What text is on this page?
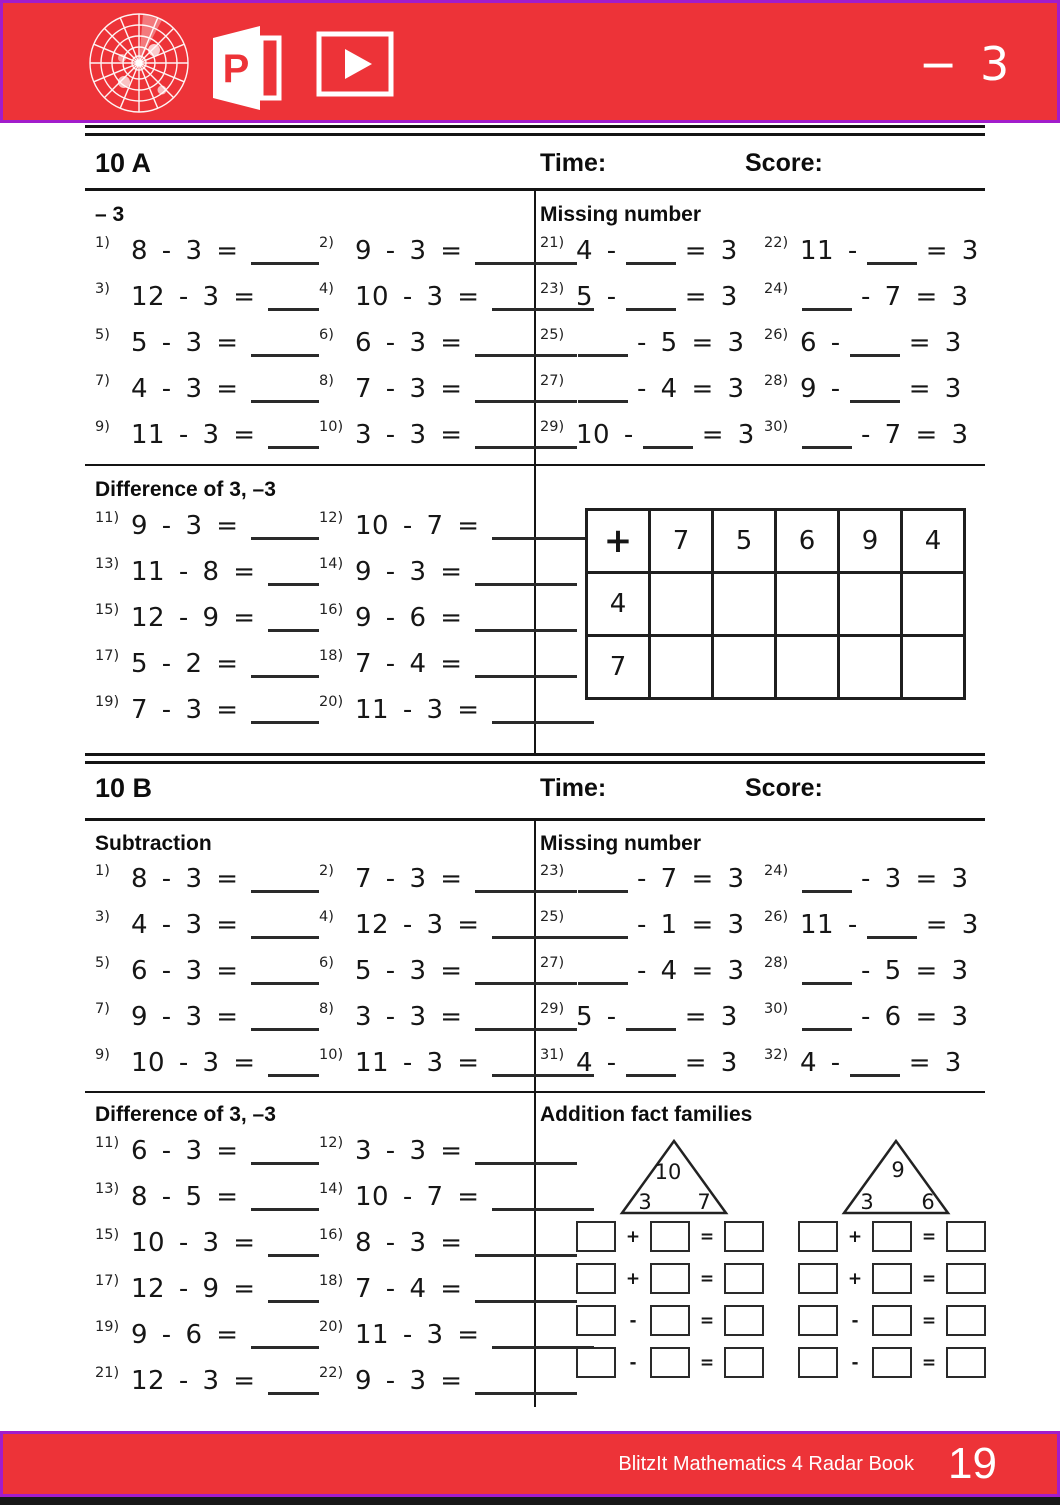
P	− 3
10 A	Time:	Score:
– 3
1) 8 - 3 =	2) 9 - 3 =
3) 12 - 3 =	4) 10 - 3 =
5) 5 - 3 =	6) 6 - 3 =
7) 4 - 3 =	8) 7 - 3 =
9) 11 - 3 =	10) 3 - 3 =
Missing number
21) 4 -	= 3 22) 11 -	= 3
23) 5 -	= 3 24)	- 7 = 3
25)	- 5 = 3 26) 6 -	= 3
27)	- 4 = 3 28) 9 -	= 3
29) 10 -	= 3 30)	- 7 = 3
Difference of 3, –3
11) 9 - 3 =	12) 10 - 7 =
13) 11 - 8 =	14) 9 - 3 =
15) 12 - 9 =	16) 9 - 6 =
17) 5 - 2 =	18) 7 - 4 =
19) 7 - 3 =	20) 11 - 3 =
+	7	5	6	9	4
4					
7					
10 B	Time:	Score:
Subtraction
1) 8 - 3 =	2) 7 - 3 =
3) 4 - 3 =	4) 12 - 3 =
5) 6 - 3 =	6) 5 - 3 =
7) 9 - 3 =	8) 3 - 3 =
9) 10 - 3 =	10) 11 - 3 =
Missing number
23)	- 7 = 3 24)	- 3 = 3
25)	- 1 = 3 26) 11 -	= 3
27)	- 4 = 3 28)	- 5 = 3
29) 5 -	= 3 30)	- 6 = 3
31) 4 -	= 3 32) 4 -	= 3
Difference of 3, –3
11) 6 - 3 =	12) 3 - 3 =
13) 8 - 5 =	14) 10 - 7 =
15) 10 - 3 =	16) 8 - 3 =
17) 12 - 9 =	18) 7 - 4 =
19) 9 - 6 =	20) 11 - 3 =
21) 12 - 3 =	22) 9 - 3 =
Addition fact families
10
3 7
9
3 6
+	=
+	=
-	=
-	=
+	=
+	=
-	=
-	=
BlitzIt Mathematics 4 Radar Book 19
